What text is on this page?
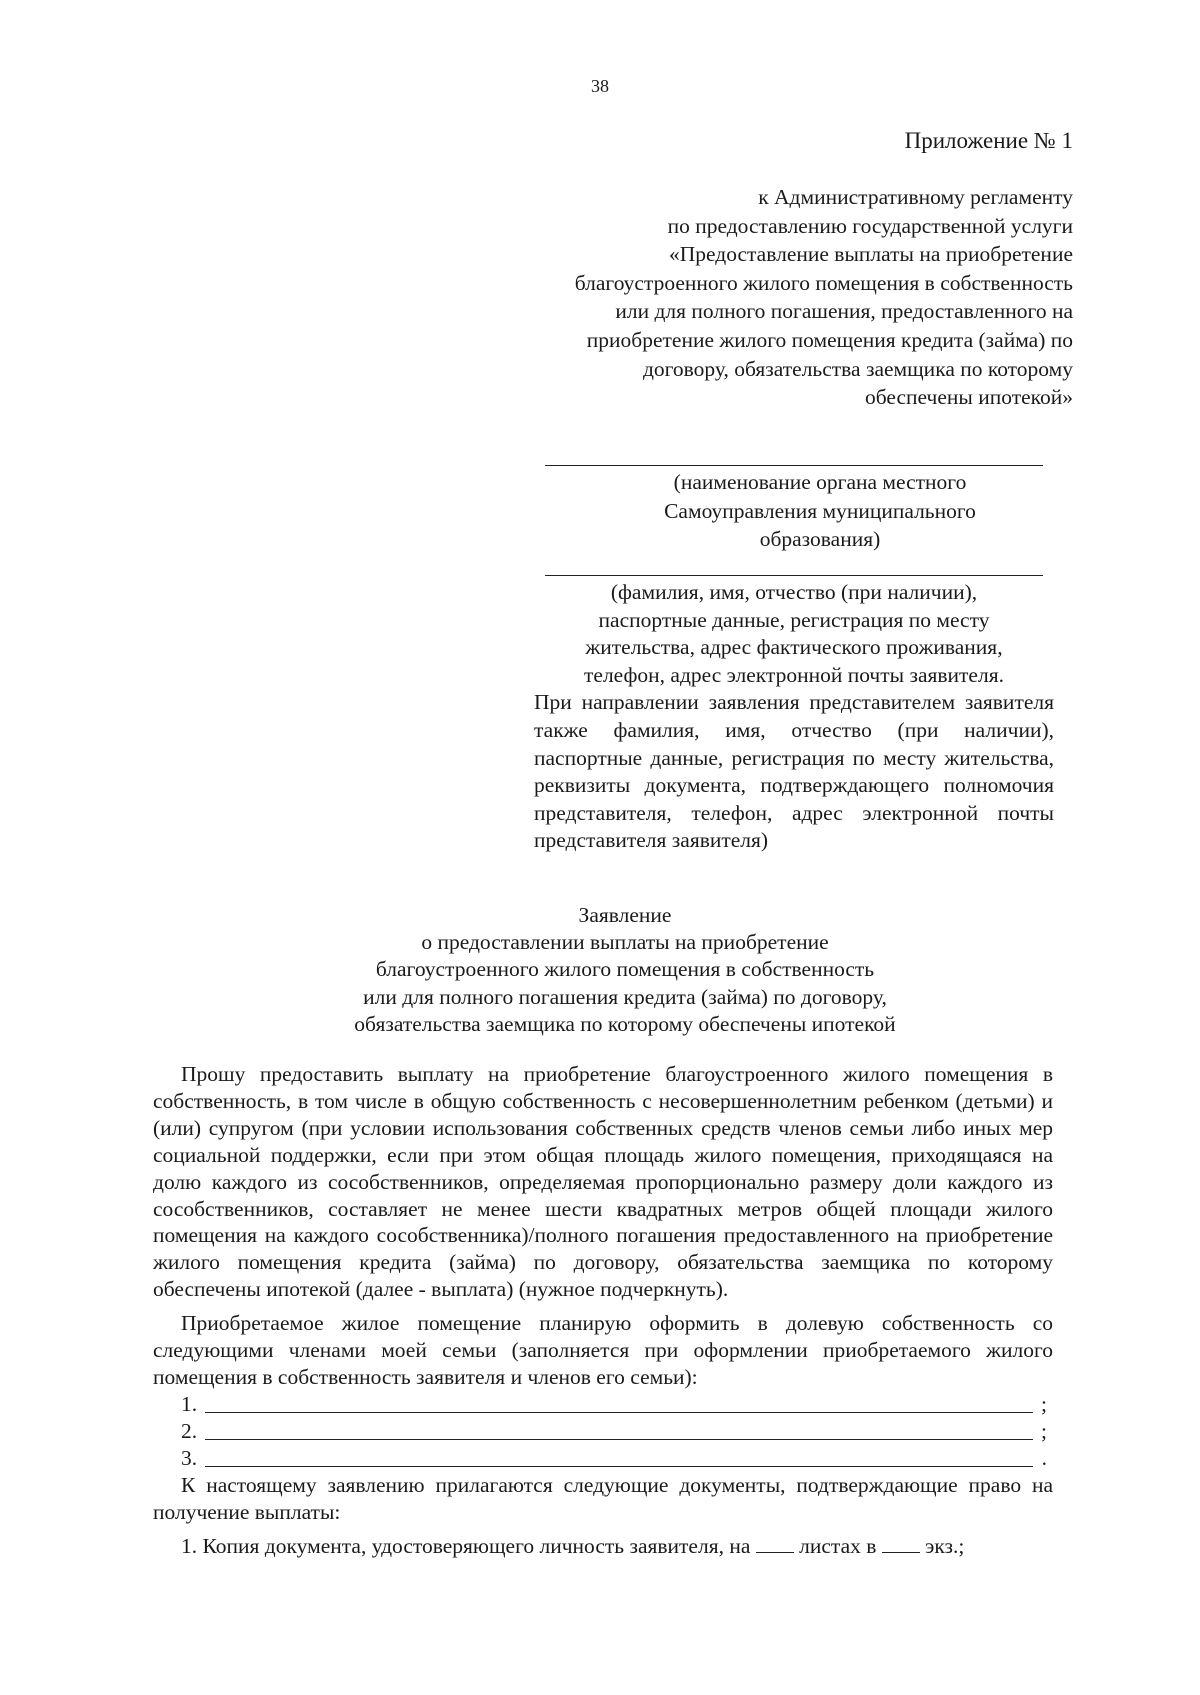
38
Приложение № 1
к Административному регламенту
по предоставлению государственной услуги
«Предоставление выплаты на приобретение
благоустроенного жилого помещения в собственность
или для полного погашения, предоставленного на
приобретение жилого помещения кредита (займа) по
договору, обязательства заемщика по которому
обеспечены ипотекой»
(наименование органа местного
Самоуправления муниципального
образования)
(фамилия, имя, отчество (при наличии),
паспортные данные, регистрация по месту
жительства, адрес фактического проживания,
телефон, адрес электронной почты заявителя.
При направлении заявления представителем заявителя также фамилия, имя, отчество (при наличии), паспортные данные, регистрация по месту жительства, реквизиты документа, подтверждающего полномочия представителя, телефон, адрес электронной почты представителя заявителя)
Заявление
о предоставлении выплаты на приобретение
благоустроенного жилого помещения в собственность
или для полного погашения кредита (займа) по договору,
обязательства заемщика по которому обеспечены ипотекой

Прошу предоставить выплату на приобретение благоустроенного жилого помещения в собственность, в том числе в общую собственность с несовершеннолетним ребенком (детьми) и (или) супругом (при условии использования собственных средств членов семьи либо иных мер социальной поддержки, если при этом общая площадь жилого помещения, приходящаяся на долю каждого из сособственников, определяемая пропорционально размеру доли каждого из сособственников, составляет не менее шести квадратных метров общей площади жилого помещения на каждого сособственника)/полного погашения предоставленного на приобретение жилого помещения кредита (займа) по договору, обязательства заемщика по которому обеспечены ипотекой (далее - выплата) (нужное подчеркнуть).

Приобретаемое жилое помещение планирую оформить в долевую собственность со следующими членами моей семьи (заполняется при оформлении приобретаемого жилого помещения в собственность заявителя и членов его семьи):

1.	;
2.	;
3.	.

К настоящему заявлению прилагаются следующие документы, подтверждающие право на получение выплаты:

1. Копия документа, удостоверяющего личность заявителя, на листах в экз.;
